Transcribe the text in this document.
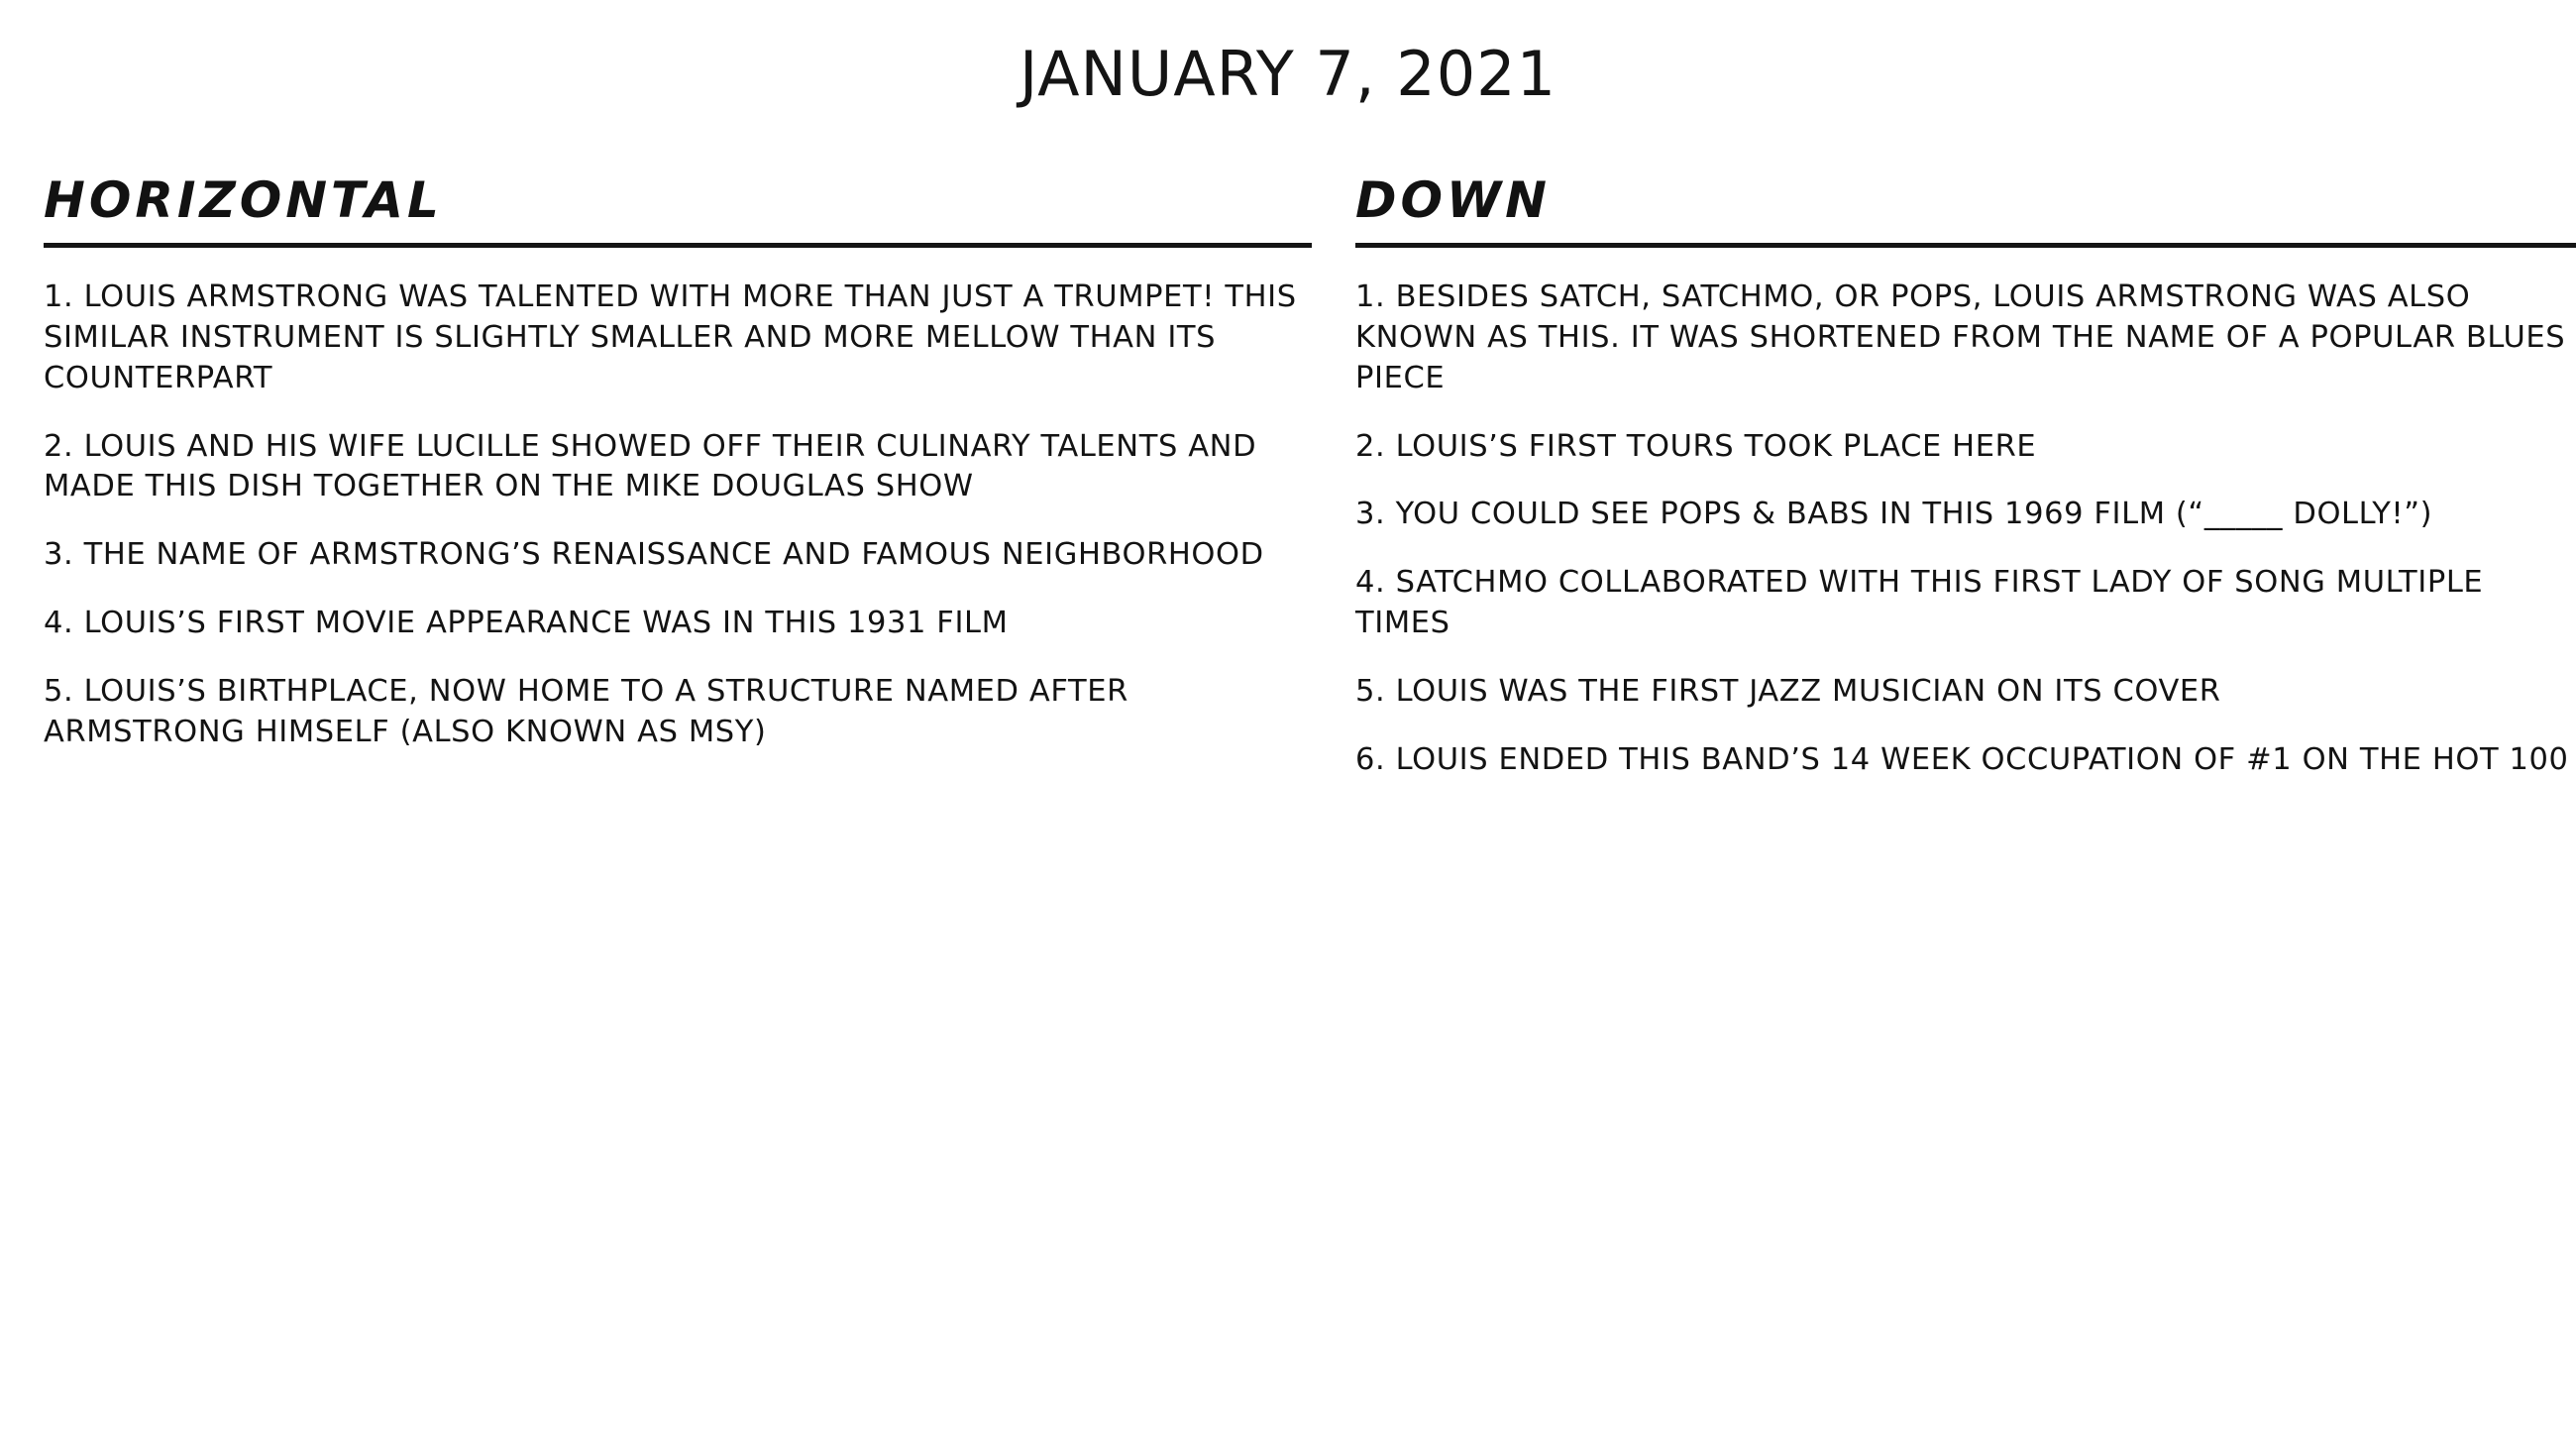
JANUARY 7, 2021
HORIZONTAL
1. LOUIS ARMSTRONG WAS TALENTED WITH MORE THAN JUST A TRUMPET! THIS SIMILAR INSTRUMENT IS SLIGHTLY SMALLER AND MORE MELLOW THAN ITS COUNTERPART
2. LOUIS AND HIS WIFE LUCILLE SHOWED OFF THEIR CULINARY TALENTS AND MADE THIS DISH TOGETHER ON THE MIKE DOUGLAS SHOW
3. THE NAME OF ARMSTRONG’S RENAISSANCE AND FAMOUS NEIGHBORHOOD
4. LOUIS’S FIRST MOVIE APPEARANCE WAS IN THIS 1931 FILM
5. LOUIS’S BIRTHPLACE, NOW HOME TO A STRUCTURE NAMED AFTER ARMSTRONG HIMSELF (ALSO KNOWN AS MSY)
DOWN
1. BESIDES SATCH, SATCHMO, OR POPS, LOUIS ARMSTRONG WAS ALSO KNOWN AS THIS. IT WAS SHORTENED FROM THE NAME OF A POPULAR BLUES PIECE
2. LOUIS’S FIRST TOURS TOOK PLACE HERE
3. YOU COULD SEE POPS & BABS IN THIS 1969 FILM (“_____ DOLLY!”)
4. SATCHMO COLLABORATED WITH THIS FIRST LADY OF SONG MULTIPLE TIMES
5. LOUIS WAS THE FIRST JAZZ MUSICIAN ON ITS COVER
6. LOUIS ENDED THIS BAND’S 14 WEEK OCCUPATION OF #1 ON THE HOT 100
